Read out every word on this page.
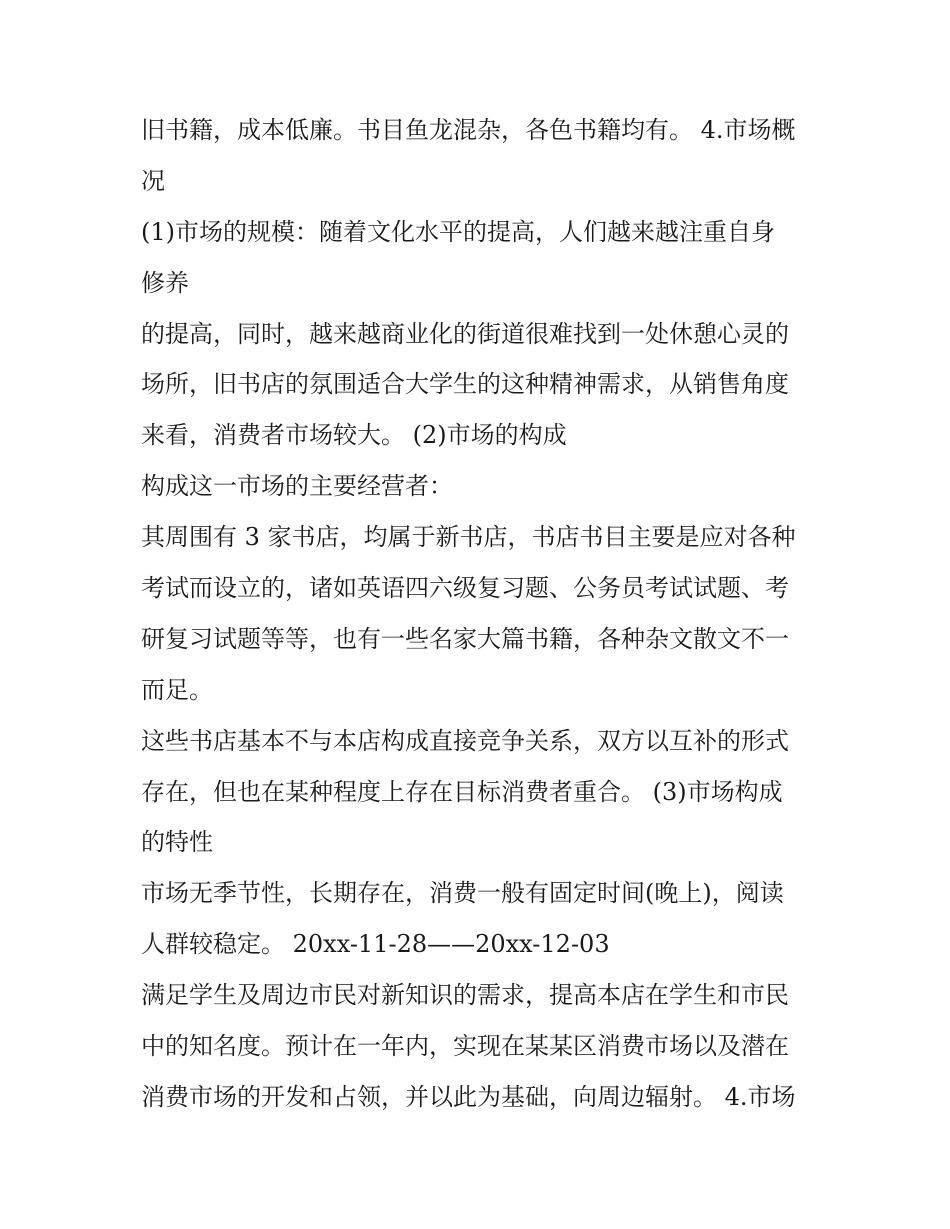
旧书籍，成本低廉。书目鱼龙混杂，各色书籍均有。 4.市场概
况
(1)市场的规模：随着文化水平的提高，人们越来越注重自身
修养
的提高，同时，越来越商业化的街道很难找到一处休憩心灵的
场所，旧书店的氛围适合大学生的这种精神需求，从销售角度
来看，消费者市场较大。 (2)市场的构成
构成这一市场的主要经营者：
其周围有 3 家书店，均属于新书店，书店书目主要是应对各种
考试而设立的，诸如英语四六级复习题、公务员考试试题、考
研复习试题等等，也有一些名家大篇书籍，各种杂文散文不一
而足。
这些书店基本不与本店构成直接竞争关系，双方以互补的形式
存在，但也在某种程度上存在目标消费者重合。 (3)市场构成
的特性
市场无季节性，长期存在，消费一般有固定时间(晚上)，阅读
人群较稳定。 20xx-11-28——20xx-12-03
满足学生及周边市民对新知识的需求，提高本店在学生和市民
中的知名度。预计在一年内，实现在某某区消费市场以及潜在
消费市场的开发和占领，并以此为基础，向周边辐射。 4.市场
